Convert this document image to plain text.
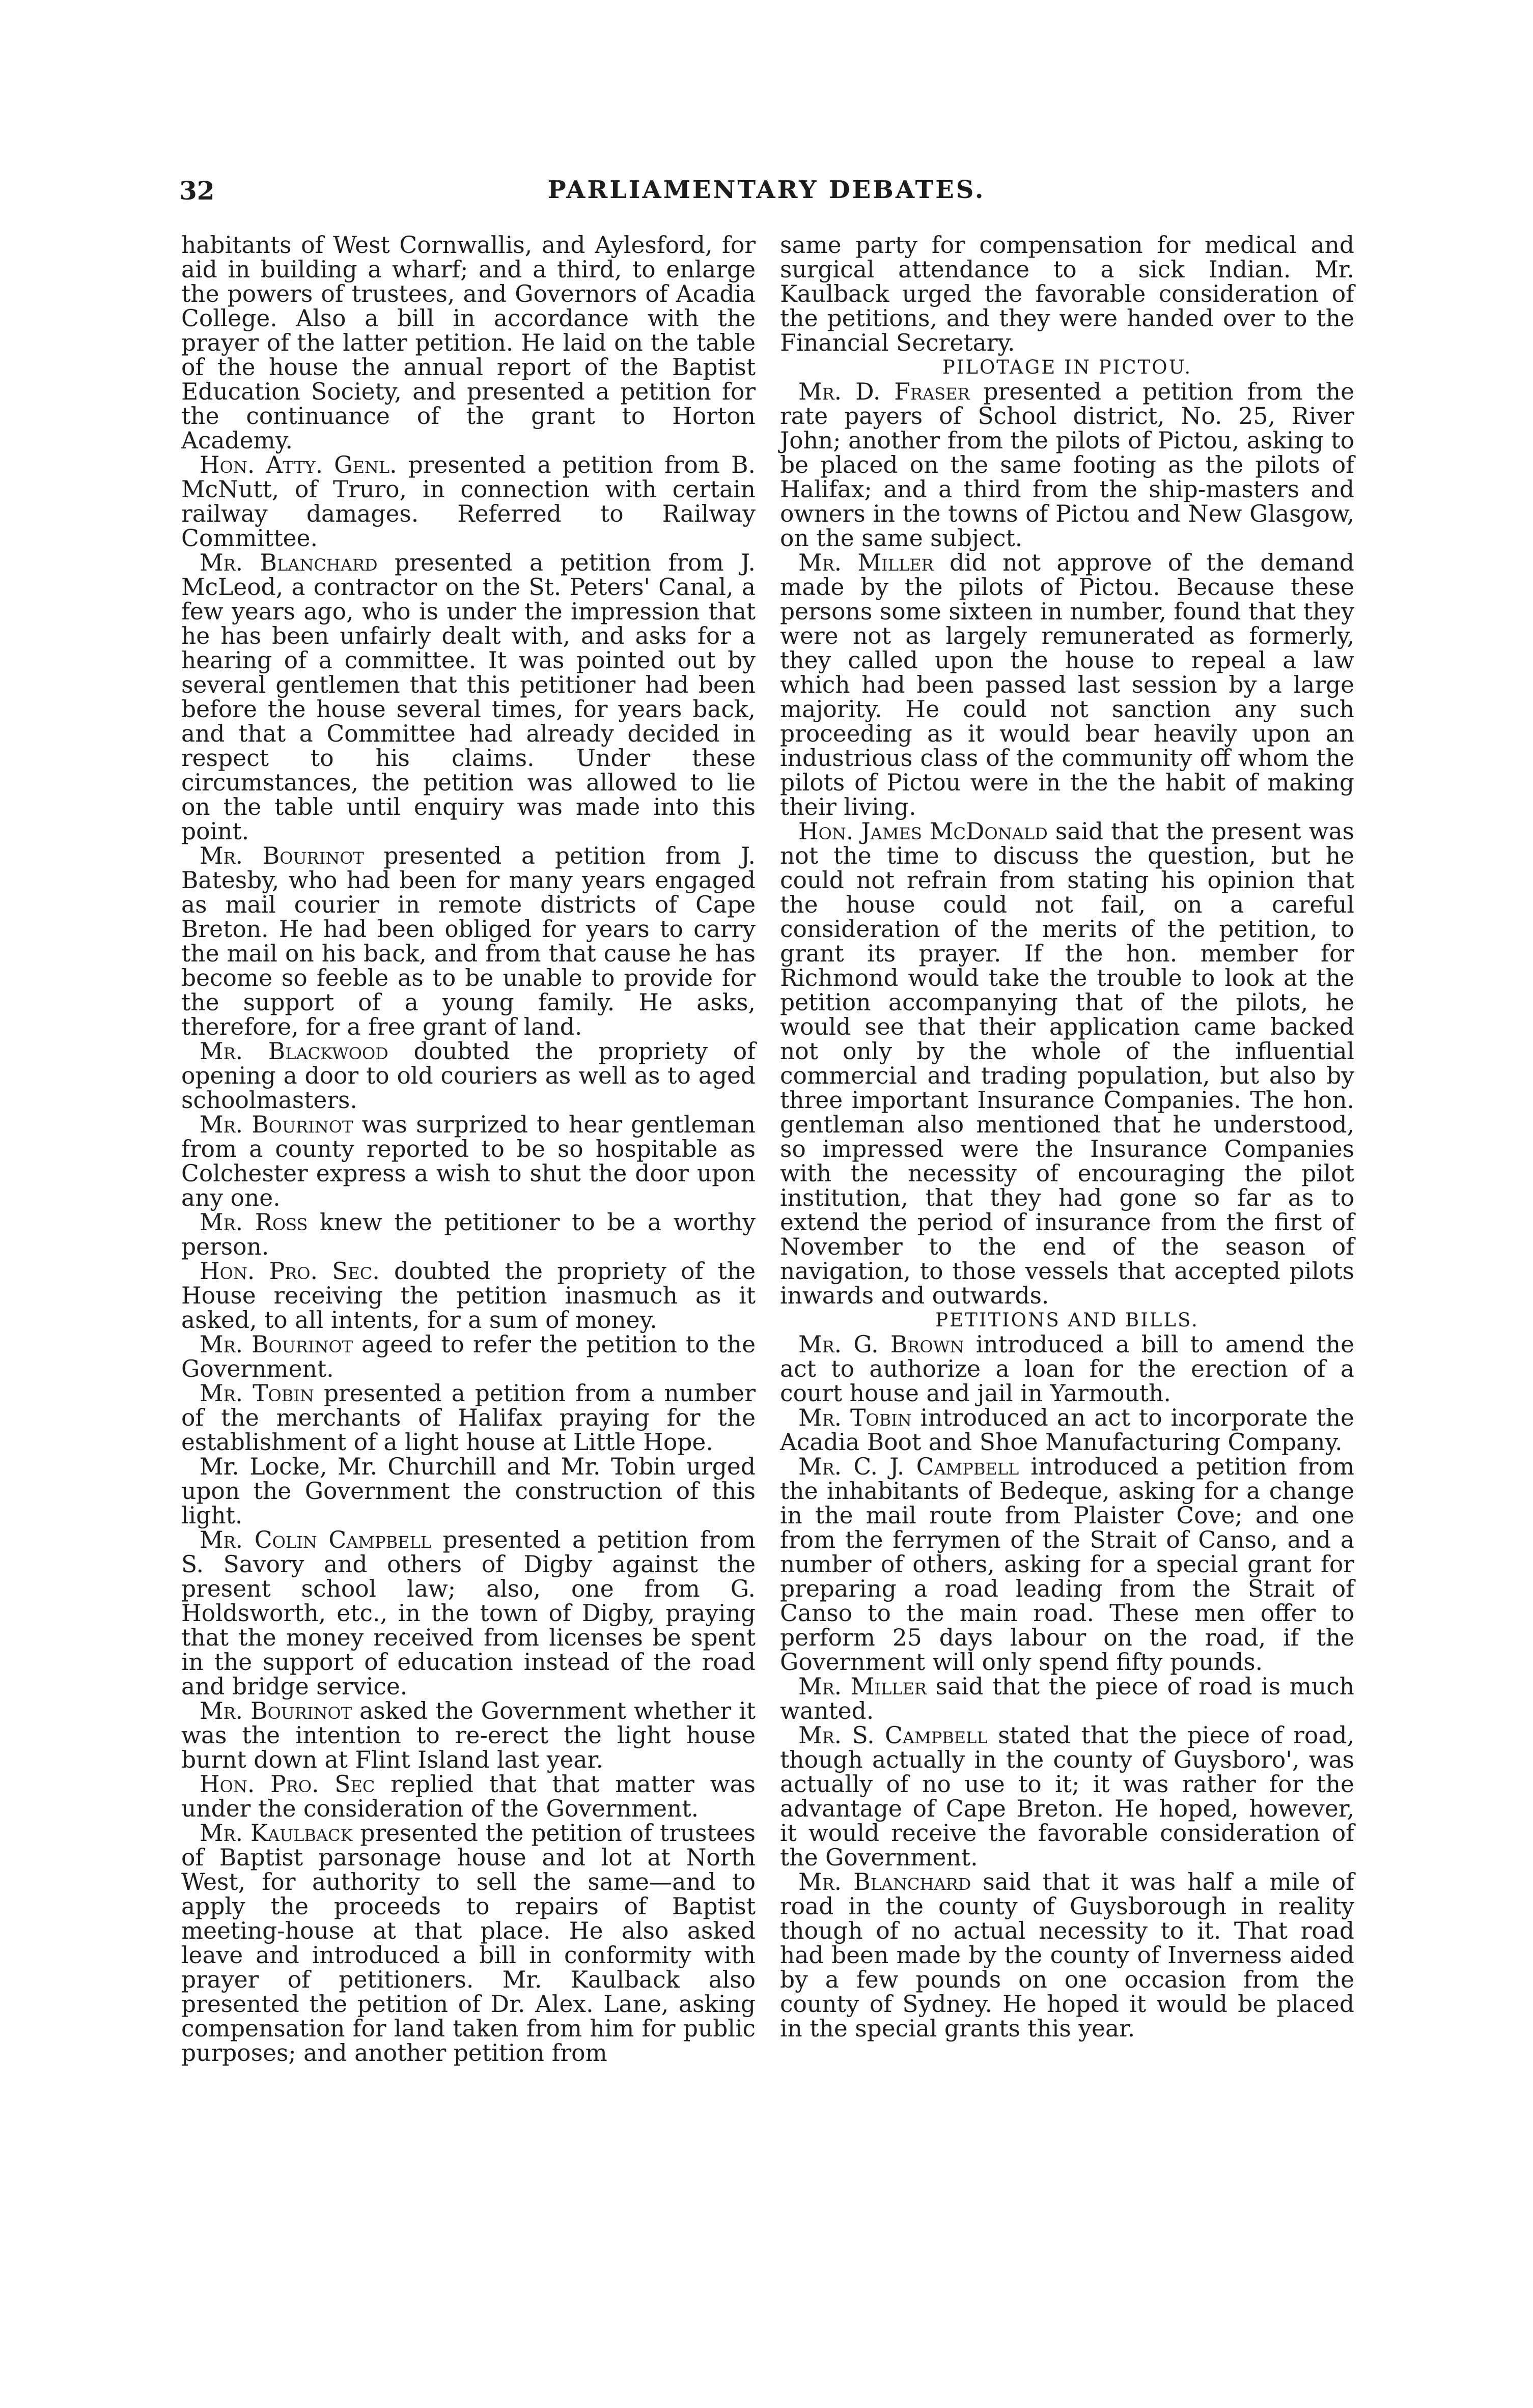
32	PARLIAMENTARY DEBATES.

habitants of West Cornwallis, and Aylesford, for aid in building a wharf; and a third, to enlarge the powers of trustees, and Governors of Acadia College. Also a bill in accordance with the prayer of the latter petition. He laid on the table of the house the annual report of the Baptist Education Society, and presented a petition for the continuance of the grant to Horton Academy.

Hon. Atty. Genl. presented a petition from B. McNutt, of Truro, in connection with certain railway damages. Referred to Railway Committee.

Mr. Blanchard presented a petition from J. McLeod, a contractor on the St. Peters' Canal, a few years ago, who is under the impression that he has been unfairly dealt with, and asks for a hearing of a committee. It was pointed out by several gentlemen that this petitioner had been before the house several times, for years back, and that a Committee had already decided in respect to his claims. Under these circumstances, the petition was allowed to lie on the table until enquiry was made into this point.

Mr. Bourinot presented a petition from J. Batesby, who had been for many years engaged as mail courier in remote districts of Cape Breton. He had been obliged for years to carry the mail on his back, and from that cause he has become so feeble as to be unable to provide for the support of a young family. He asks, therefore, for a free grant of land.

Mr. Blackwood doubted the propriety of opening a door to old couriers as well as to aged schoolmasters.

Mr. Bourinot was surprized to hear gentleman from a county reported to be so hospitable as Colchester express a wish to shut the door upon any one.

Mr. Ross knew the petitioner to be a worthy person.

Hon. Pro. Sec. doubted the propriety of the House receiving the petition inasmuch as it asked, to all intents, for a sum of money.

Mr. Bourinot ageed to refer the petition to the Government.

Mr. Tobin presented a petition from a number of the merchants of Halifax praying for the establishment of a light house at Little Hope.

Mr. Locke, Mr. Churchill and Mr. Tobin urged upon the Government the construction of this light.

Mr. Colin Campbell presented a petition from S. Savory and others of Digby against the present school law; also, one from G. Holdsworth, etc., in the town of Digby, praying that the money received from licenses be spent in the support of education instead of the road and bridge service.

Mr. Bourinot asked the Government whether it was the intention to re-erect the light house burnt down at Flint Island last year.

Hon. Pro. Sec replied that that matter was under the consideration of the Government.

Mr. Kaulback presented the petition of trustees of Baptist parsonage house and lot at North West, for authority to sell the same—and to apply the proceeds to repairs of Baptist meeting-house at that place. He also asked leave and introduced a bill in conformity with prayer of petitioners. Mr. Kaulback also presented the petition of Dr. Alex. Lane, asking compensation for land taken from him for public purposes; and another petition from

same party for compensation for medical and surgical attendance to a sick Indian. Mr. Kaulback urged the favorable consideration of the petitions, and they were handed over to the Financial Secretary.

PILOTAGE IN PICTOU.

Mr. D. Fraser presented a petition from the rate payers of School district, No. 25, River John; another from the pilots of Pictou, asking to be placed on the same footing as the pilots of Halifax; and a third from the ship-masters and owners in the towns of Pictou and New Glasgow, on the same subject.

Mr. Miller did not approve of the demand made by the pilots of Pictou. Because these persons some sixteen in number, found that they were not as largely remunerated as formerly, they called upon the house to repeal a law which had been passed last session by a large majority. He could not sanction any such proceeding as it would bear heavily upon an industrious class of the community off whom the pilots of Pictou were in the the habit of making their living.

Hon. James McDonald said that the present was not the time to discuss the question, but he could not refrain from stating his opinion that the house could not fail, on a careful consideration of the merits of the petition, to grant its prayer. If the hon. member for Richmond would take the trouble to look at the petition accompanying that of the pilots, he would see that their application came backed not only by the whole of the influential commercial and trading population, but also by three important Insurance Companies. The hon. gentleman also mentioned that he understood, so impressed were the Insurance Companies with the necessity of encouraging the pilot institution, that they had gone so far as to extend the period of insurance from the first of November to the end of the season of navigation, to those vessels that accepted pilots inwards and outwards.

PETITIONS AND BILLS.

Mr. G. Brown introduced a bill to amend the act to authorize a loan for the erection of a court house and jail in Yarmouth.

Mr. Tobin introduced an act to incorporate the Acadia Boot and Shoe Manufacturing Company.

Mr. C. J. Campbell introduced a petition from the inhabitants of Bedeque, asking for a change in the mail route from Plaister Cove; and one from the ferrymen of the Strait of Canso, and a number of others, asking for a special grant for preparing a road leading from the Strait of Canso to the main road. These men offer to perform 25 days labour on the road, if the Government will only spend fifty pounds.

Mr. Miller said that the piece of road is much wanted.

Mr. S. Campbell stated that the piece of road, though actually in the county of Guysboro', was actually of no use to it; it was rather for the advantage of Cape Breton. He hoped, however, it would receive the favorable consideration of the Government.

Mr. Blanchard said that it was half a mile of road in the county of Guysborough in reality though of no actual necessity to it. That road had been made by the county of Inverness aided by a few pounds on one occasion from the county of Sydney. He hoped it would be placed in the special grants this year.
